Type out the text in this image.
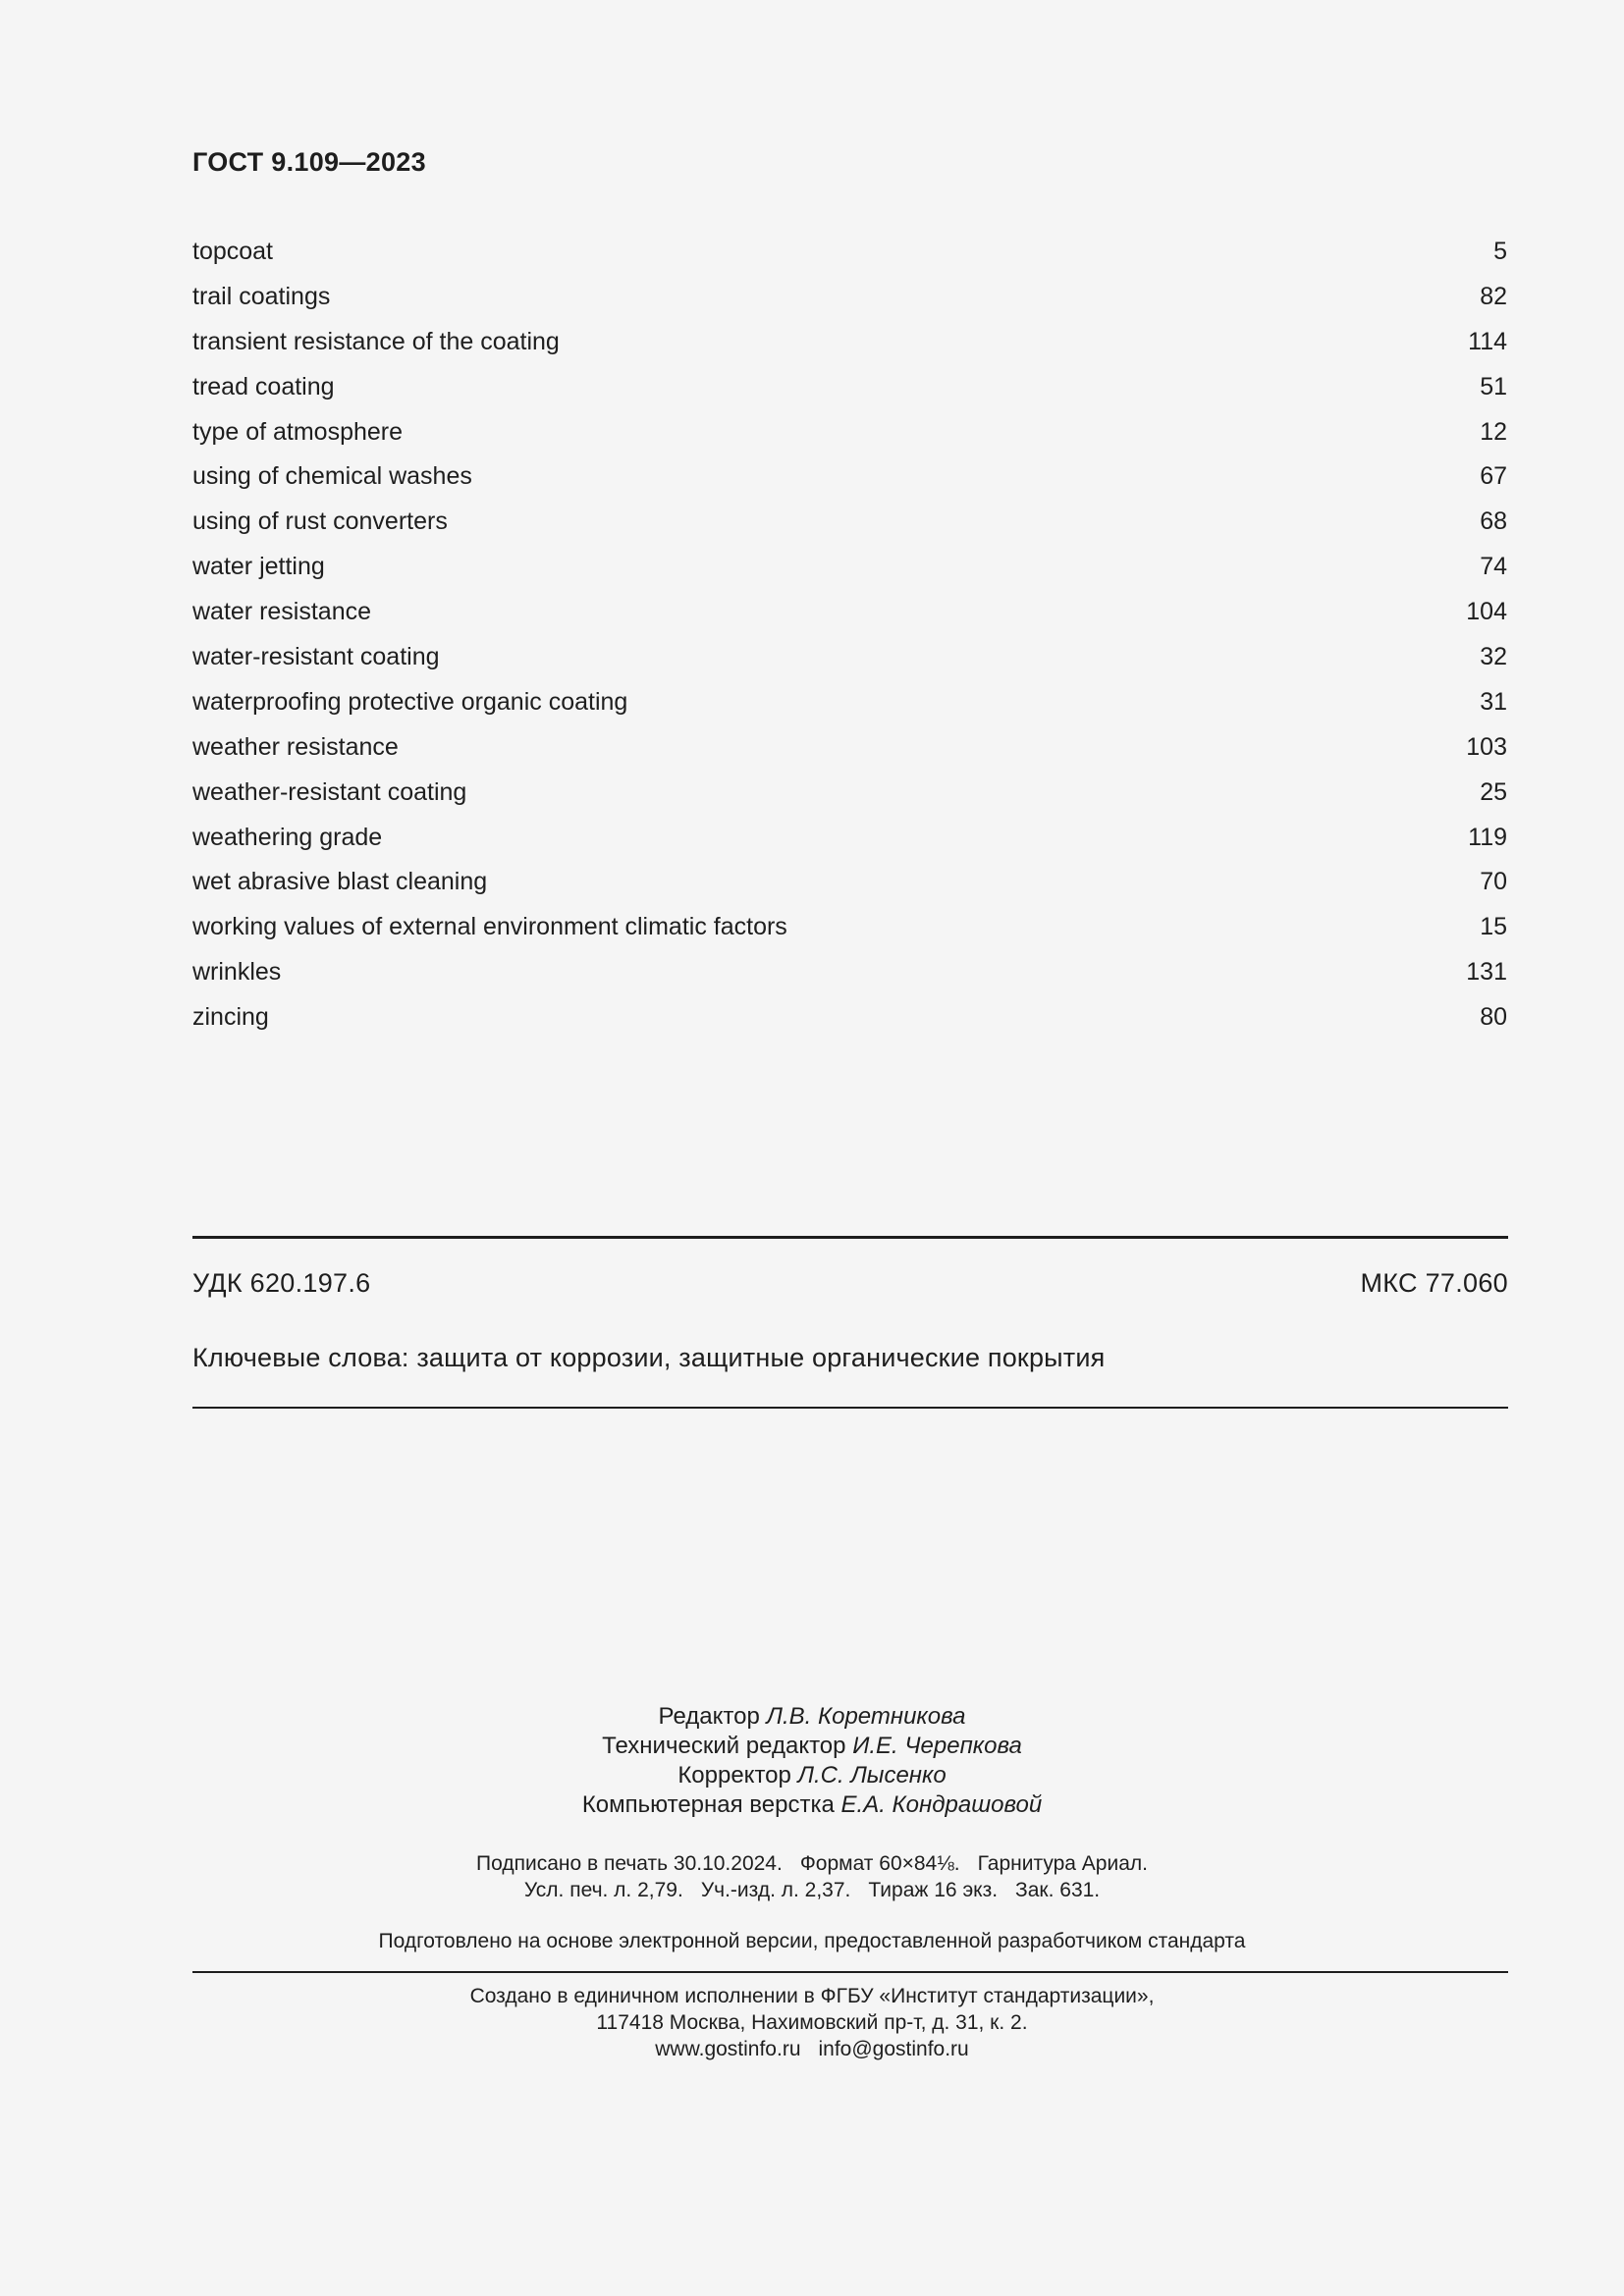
ГОСТ 9.109—2023
topcoat	5
trail coatings	82
transient resistance of the coating	114
tread coating	51
type of atmosphere	12
using of chemical washes	67
using of rust converters	68
water jetting	74
water resistance	104
water-resistant coating	32
waterproofing protective organic coating	31
weather resistance	103
weather-resistant coating	25
weathering grade	119
wet abrasive blast cleaning	70
working values of external environment climatic factors	15
wrinkles	131
zincing	80
УДК 620.197.6	МКС 77.060
Ключевые слова: защита от коррозии, защитные органические покрытия
Редактор Л.В. Коретникова
Технический редактор И.Е. Черепкова
Корректор Л.С. Лысенко
Компьютерная верстка Е.А. Кондрашовой
Подписано в печать 30.10.2024. Формат 60×84⅛. Гарнитура Ариал.
Усл. печ. л. 2,79. Уч.-изд. л. 2,37. Тираж 16 экз. Зак. 631.
Подготовлено на основе электронной версии, предоставленной разработчиком стандарта
Создано в единичном исполнении в ФГБУ «Институт стандартизации»,
117418 Москва, Нахимовский пр-т, д. 31, к. 2.
www.gostinfo.ru info@gostinfo.ru
